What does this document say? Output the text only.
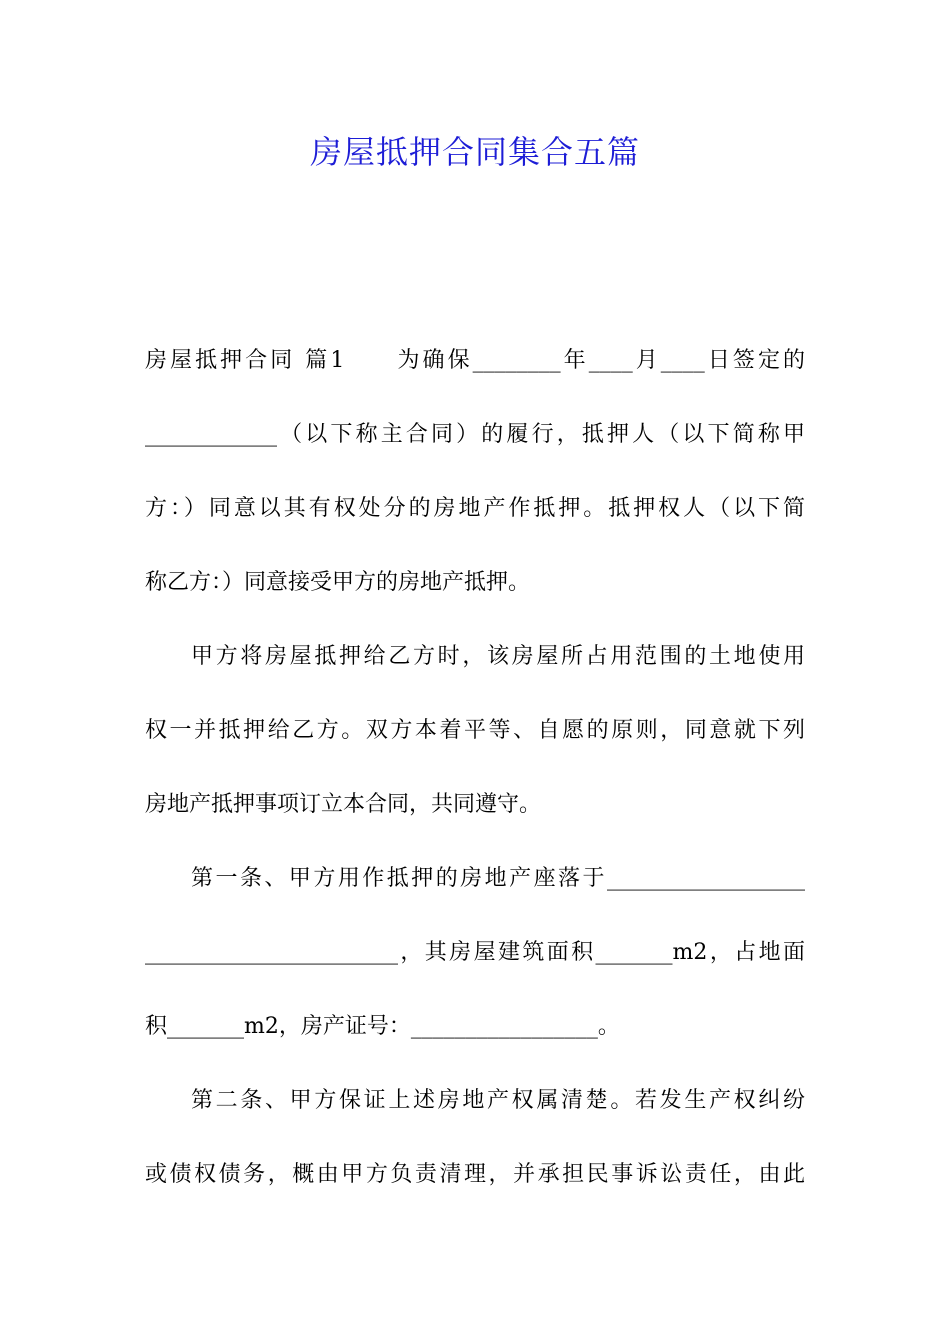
房屋抵押合同集合五篇
房屋抵押合同 篇1　　为确保________年____月____日签定的
____________（以下称主合同）的履行，抵押人（以下简称甲
方：）同意以其有权处分的房地产作抵押。抵押权人（以下简
称乙方：）同意接受甲方的房地产抵押。
甲方将房屋抵押给乙方时，该房屋所占用范围的土地使用
权一并抵押给乙方。双方本着平等、自愿的原则，同意就下列
房地产抵押事项订立本合同，共同遵守。
第一条、甲方用作抵押的房地产座落于__________________
_______________________，其房屋建筑面积_______m2，占地面
积_______m2，房产证号：_________________。
第二条、甲方保证上述房地产权属清楚。若发生产权纠纷
或债权债务，概由甲方负责清理，并承担民事诉讼责任，由此
